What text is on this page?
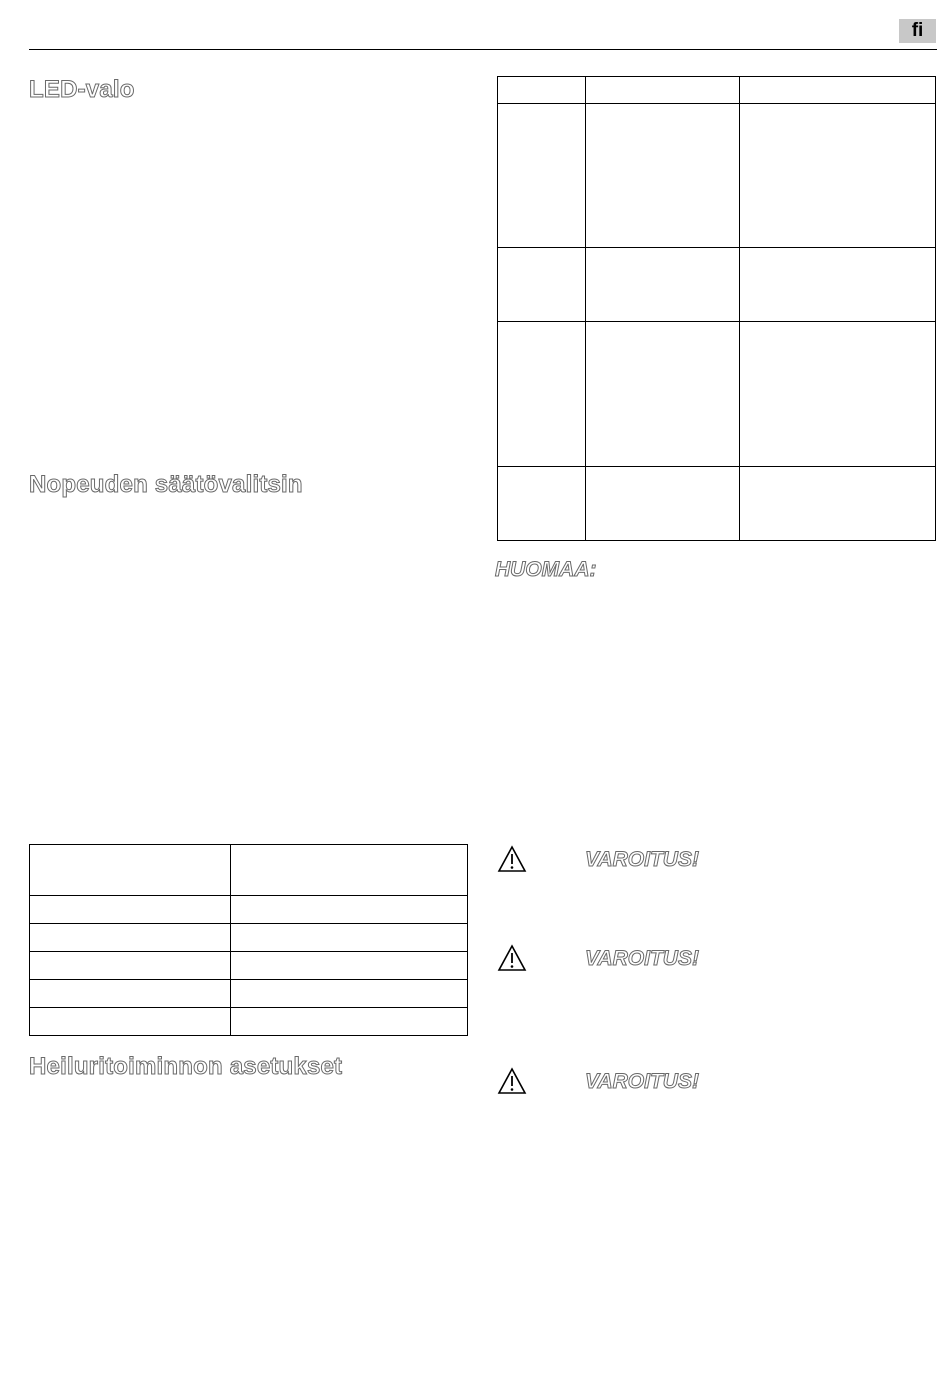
fi
LED-valo
Nopeuden säätövalitsin
Heiluritoiminnon asetukset

HUOMAA:

VAROITUS!

VAROITUS!

VAROITUS!
